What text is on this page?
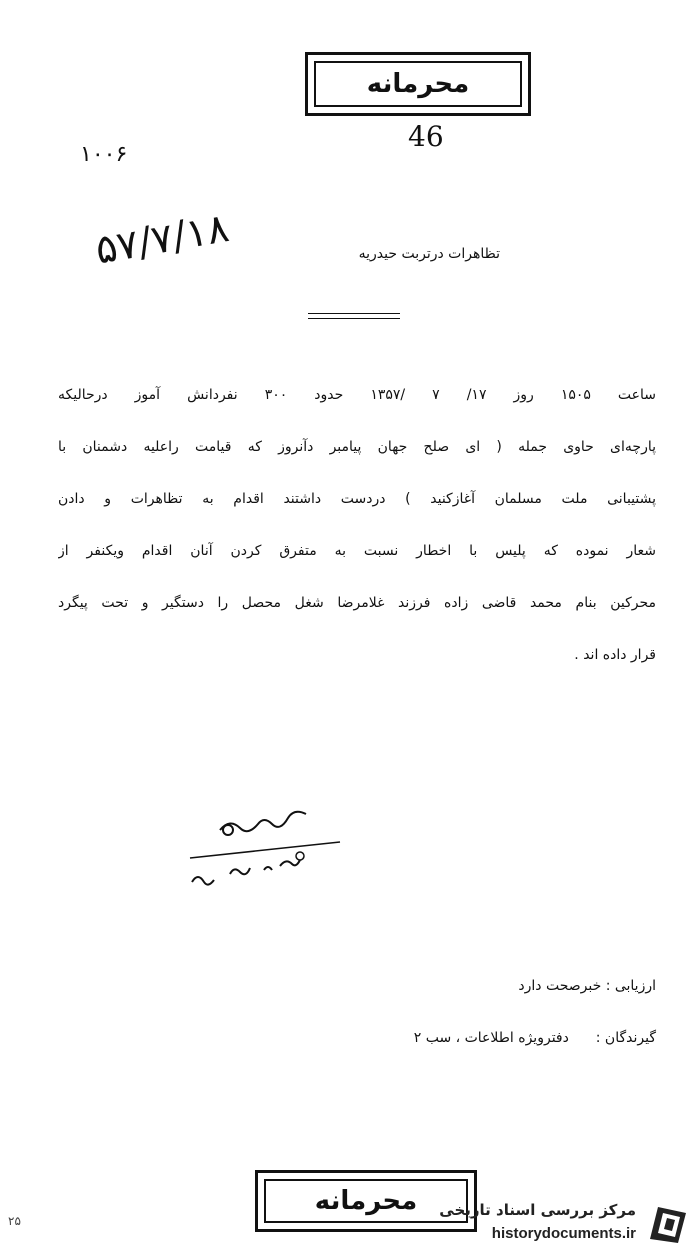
محرمانه
46
۱۰۰۶
۵۷/۷/۱۸	تظاهرات درتربت حیدریه
ساعت ۱۵۰۵ روز ۱۷/ ۷ /۱۳۵۷ حدود ۳۰۰ نفردانش آموز درحالیکه
پارچه‌ای حاوی جمله ( ای صلح جهان پیامبر دآنروز که قیامت راعلیه دشمنان با
پشتیبانی ملت مسلمان آغازکنید ) دردست داشتند اقدام به تظاهرات و دادن
شعار نموده که پلیس با اخطار نسبت به متفرق کردن آنان اقدام ویکنفر از
محرکین بنام محمد قاضی زاده فرزند غلامرضا شغل محصل را دستگیر و تحت پیگرد
قرار داده اند .
ارزیابی : خبرصحت دارد
گیرندگان :  دفترویژه اطلاعات ، سب ۲
محرمانه
۲۵
مرکز بررسی اسناد تاریخی
historydocuments.ir
